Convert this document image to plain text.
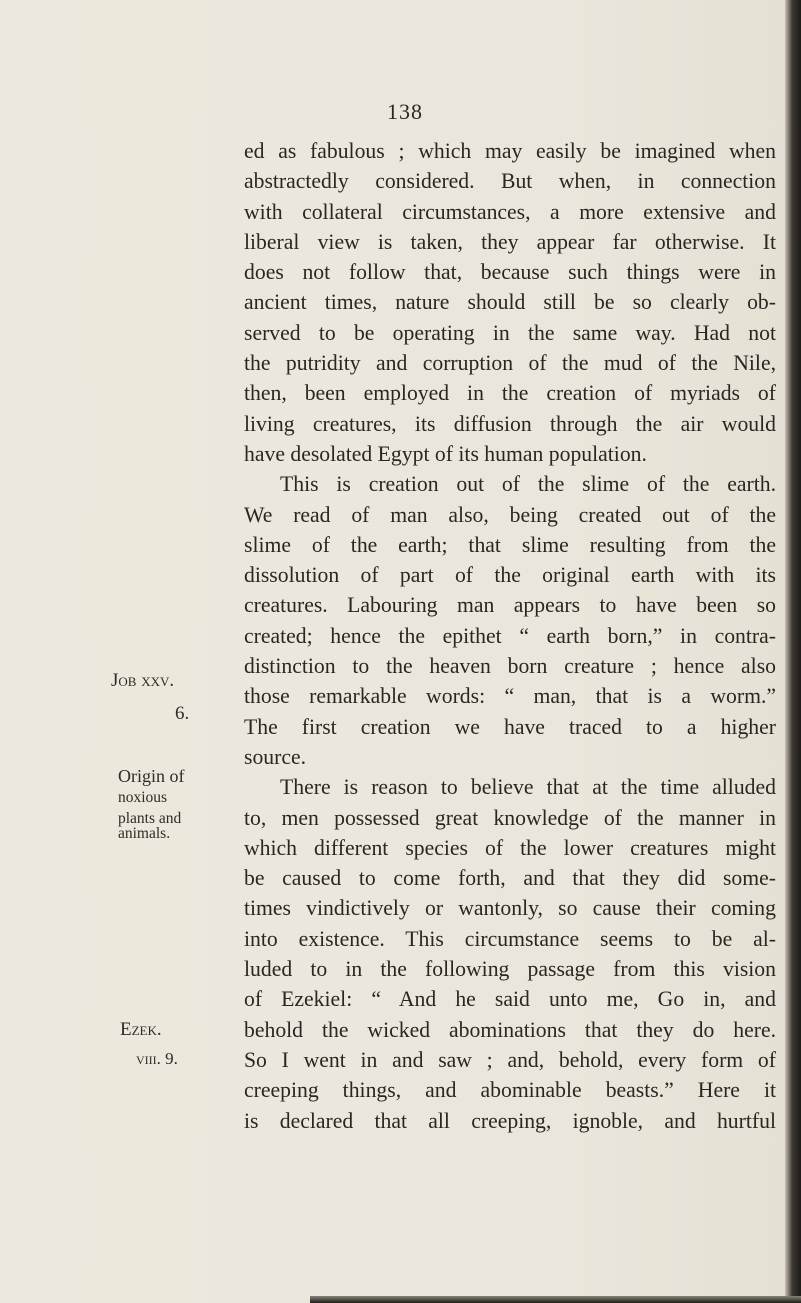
138
ed as fabulous ; which may easily be imagined when
abstractedly considered. But when, in connection
with collateral circumstances, a more extensive and
liberal view is taken, they appear far otherwise. It
does not follow that, because such things were in
ancient times, nature should still be so clearly ob-
served to be operating in the same way. Had not
the putridity and corruption of the mud of the Nile,
then, been employed in the creation of myriads of
living creatures, its diffusion through the air would
have desolated Egypt of its human population.
This is creation out of the slime of the earth.
We read of man also, being created out of the
slime of the earth; that slime resulting from the
dissolution of part of the original earth with its
creatures. Labouring man appears to have been so
created; hence the epithet “ earth born,” in contra-
distinction to the heaven born creature ; hence also
those remarkable words: “ man, that is a worm.”
The first creation we have traced to a higher
source.
There is reason to believe that at the time alluded
to, men possessed great knowledge of the manner in
which different species of the lower creatures might
be caused to come forth, and that they did some-
times vindictively or wantonly, so cause their coming
into existence. This circumstance seems to be al-
luded to in the following passage from this vision
of Ezekiel: “ And he said unto me, Go in, and
behold the wicked abominations that they do here.
So I went in and saw ; and, behold, every form of
creeping things, and abominable beasts.” Here it
is declared that all creeping, ignoble, and hurtful
Job xxv.
6.
Origin of
noxious
plants and
animals.
Ezek.
viii. 9.
